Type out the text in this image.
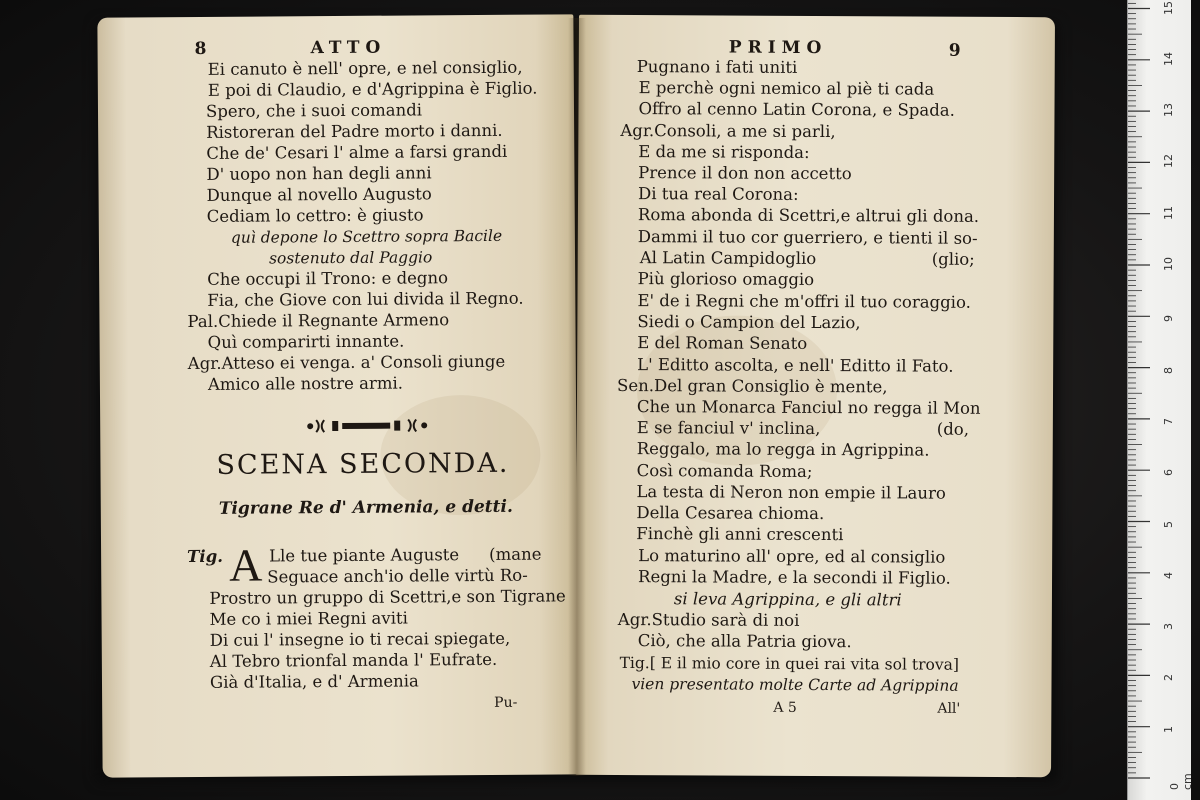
8	ATTO
Ei canuto è nell' opre, e nel consiglio,
E poi di Claudio, e d'Agrippina è Figlio.
Spero, che i suoi comandi
Ristoreran del Padre morto i danni.
Che de' Cesari l' alme a farsi grandi
D' uopo non han degli anni
Dunque al novello Augusto
Cediam lo cettro: è giusto
quì depone lo Scettro sopra Bacile
sostenuto dal Paggio
Che occupi il Trono: e degno
Fia, che Giove con lui divida il Regno.
Pal.Chiede il Regnante Armeno
Quì comparirti innante.
Agr.Atteso ei venga. a' Consoli giunge
Amico alle nostre armi.
SCENA SECONDA.
Tigrane Re d' Armenia, e detti.
Tig. A Lle tue piante Auguste (mane
Seguace anch'io delle virtù Ro-
Prostro un gruppo di Scettri,e son Tigrane
Me co i miei Regni aviti
Di cui l' insegne io ti recai spiegate,
Al Tebro trionfal manda l' Eufrate.
Già d'Italia, e d' Armenia
Pu-
PRIMO	9
Pugnano i fati uniti
E perchè ogni nemico al piè ti cada
Offro al cenno Latin Corona, e Spada.
Agr.Consoli, a me si parli,
E da me si risponda:
Prence il don non accetto
Di tua real Corona:
Roma abonda di Scettri,e altrui gli dona.
Dammi il tuo cor guerriero, e tienti il so-
Al Latin Campidoglio	(glio;
Più glorioso omaggio
E' de i Regni che m'offri il tuo coraggio.
Siedi o Campion del Lazio,
E del Roman Senato
L' Editto ascolta, e nell' Editto il Fato.
Sen.Del gran Consiglio è mente,
Che un Monarca Fanciul no regga il Mon
E se fanciul v' inclina,	(do,
Reggalo, ma lo regga in Agrippina.
Così comanda Roma;
La testa di Neron non empie il Lauro
Della Cesarea chioma.
Finchè gli anni crescenti
Lo maturino all' opre, ed al consiglio
Regni la Madre, e la secondi il Figlio.
si leva Agrippina, e gli altri
Agr.Studio sarà di noi
Ciò, che alla Patria giova.
Tig.[ E il mio core in quei rai vita sol trova]
vien presentato molte Carte ad Agrippina
A 5	All'
15
14
13
12
11
10
9
8
7
6
5
4
3
2
1
0 cm
